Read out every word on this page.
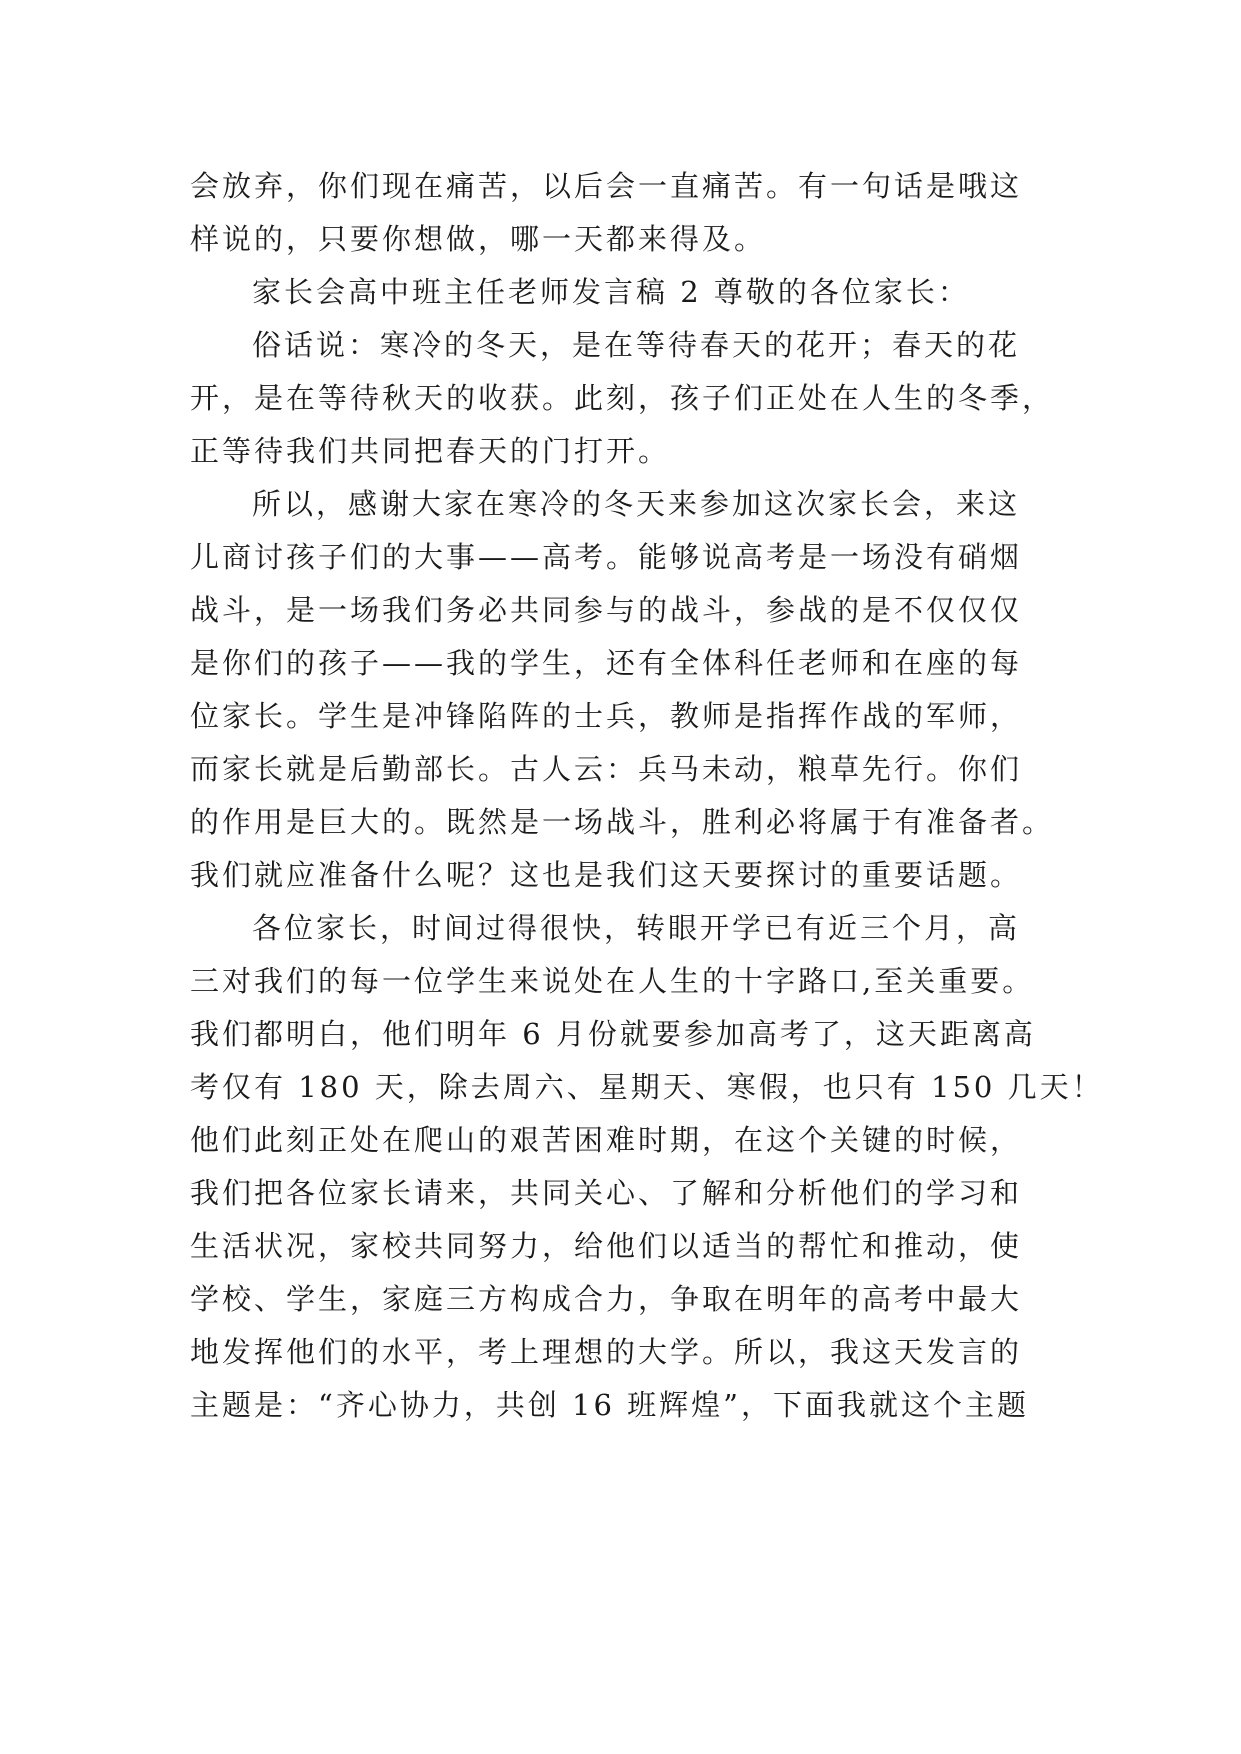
会放弃，你们现在痛苦，以后会一直痛苦。有一句话是哦这
样说的，只要你想做，哪一天都来得及。
家长会高中班主任老师发言稿 2 尊敬的各位家长：
俗话说：寒冷的冬天，是在等待春天的花开；春天的花
开，是在等待秋天的收获。此刻，孩子们正处在人生的冬季，
正等待我们共同把春天的门打开。
所以，感谢大家在寒冷的冬天来参加这次家长会，来这
儿商讨孩子们的大事——高考。能够说高考是一场没有硝烟
战斗，是一场我们务必共同参与的战斗，参战的是不仅仅仅
是你们的孩子——我的学生，还有全体科任老师和在座的每
位家长。学生是冲锋陷阵的士兵，教师是指挥作战的军师，
而家长就是后勤部长。古人云：兵马未动，粮草先行。你们
的作用是巨大的。既然是一场战斗，胜利必将属于有准备者。
我们就应准备什么呢？这也是我们这天要探讨的重要话题。
各位家长，时间过得很快，转眼开学已有近三个月，高
三对我们的每一位学生来说处在人生的十字路口,至关重要。
我们都明白，他们明年 6 月份就要参加高考了，这天距离高
考仅有 180 天，除去周六、星期天、寒假，也只有 150 几天！
他们此刻正处在爬山的艰苦困难时期，在这个关键的时候，
我们把各位家长请来，共同关心、了解和分析他们的学习和
生活状况，家校共同努力，给他们以适当的帮忙和推动，使
学校、学生，家庭三方构成合力，争取在明年的高考中最大
地发挥他们的水平，考上理想的大学。所以，我这天发言的
主题是：“齐心协力，共创 16 班辉煌”，下面我就这个主题
